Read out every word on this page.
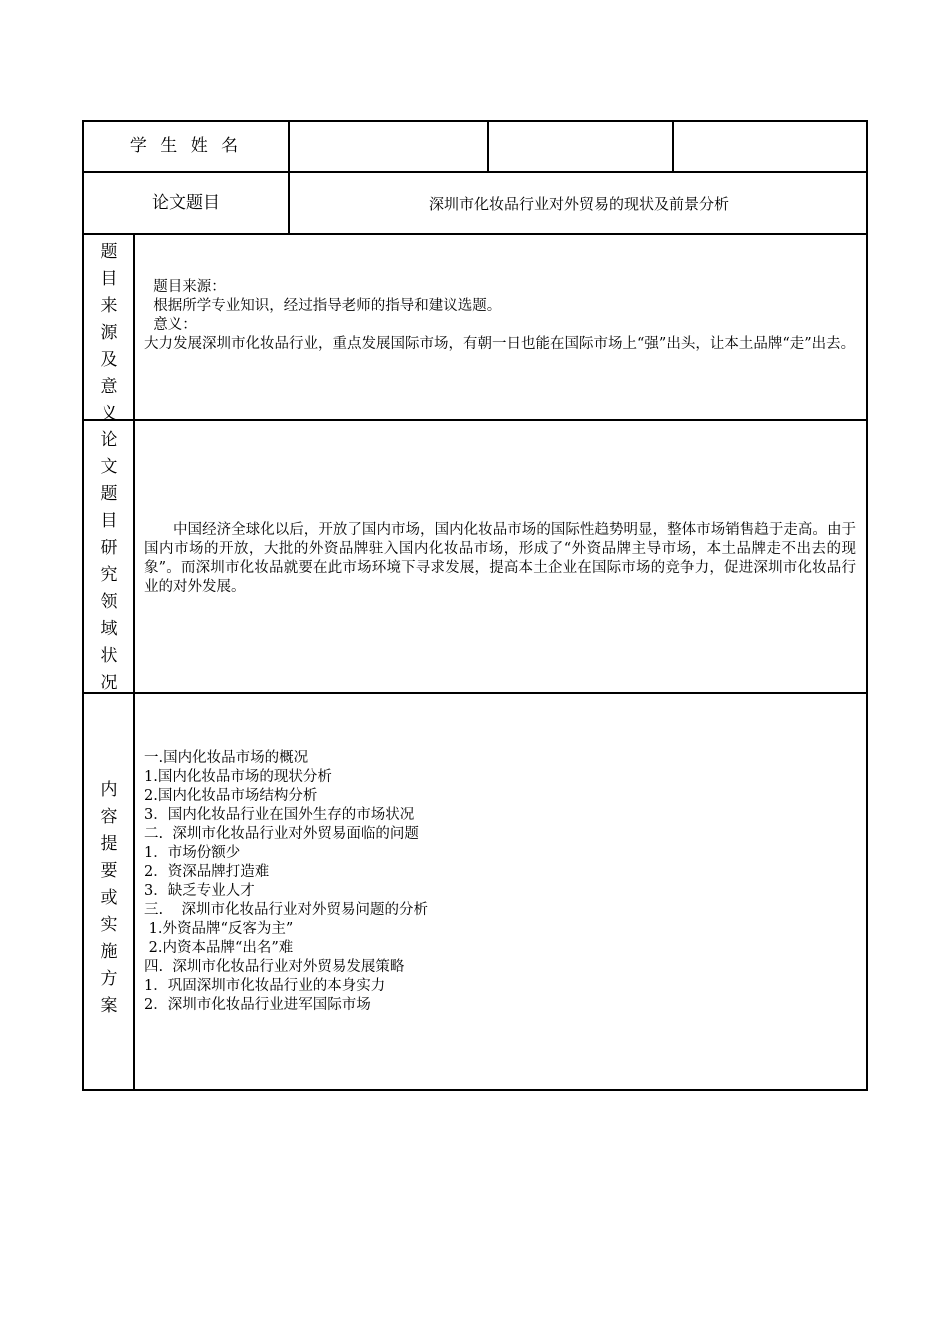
学 生 姓 名
论文题目	深圳市化妆品行业对外贸易的现状及前景分析
题
目
来
源
及
意
义
题目来源：
根据所学专业知识，经过指导老师的指导和建议选题。
意义：
大力发展深圳市化妆品行业，重点发展国际市场，有朝一日也能在国际市场上“强”出头，让本土品牌“走”出去。
论
文
题
目
研
究
领
域
状
况
中国经济全球化以后，开放了国内市场，国内化妆品市场的国际性趋势明显，整体市场销售趋于走高。由于国内市场的开放，大批的外资品牌驻入国内化妆品市场，形成了“外资品牌主导市场，本土品牌走不出去的现象”。而深圳市化妆品就要在此市场环境下寻求发展，提高本土企业在国际市场的竞争力，促进深圳市化妆品行业的对外发展。
内
容
提
要
或
实
施
方
案
一.国内化妆品市场的概况
1.国内化妆品市场的现状分析
2.国内化妆品市场结构分析
3．国内化妆品行业在国外生存的市场状况
二.  深圳市化妆品行业对外贸易面临的问题
1．市场份额少
2．资深品牌打造难
3．缺乏专业人才
三.    深圳市化妆品行业对外贸易问题的分析
1.外资品牌“反客为主”
2.内资本品牌“出名”难
四.  深圳市化妆品行业对外贸易发展策略
1．巩固深圳市化妆品行业的本身实力
2．深圳市化妆品行业进军国际市场
